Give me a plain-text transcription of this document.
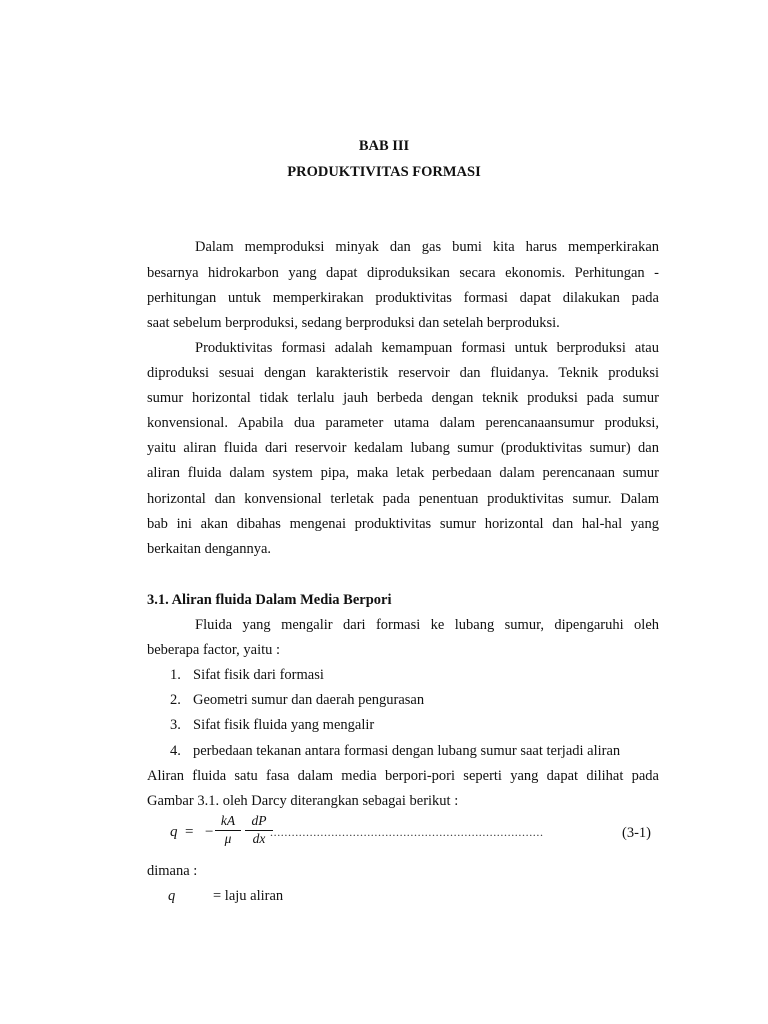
BAB III
PRODUKTIVITAS FORMASI
Dalam memproduksi minyak dan gas bumi kita harus memperkirakan
besarnya hidrokarbon yang dapat diproduksikan secara ekonomis. Perhitungan -
perhitungan untuk memperkirakan produktivitas formasi dapat dilakukan pada
saat sebelum berproduksi, sedang berproduksi dan setelah berproduksi.
Produktivitas formasi adalah kemampuan formasi untuk berproduksi atau
diproduksi sesuai dengan karakteristik reservoir dan fluidanya. Teknik produksi
sumur horizontal tidak terlalu jauh berbeda dengan teknik produksi pada sumur
konvensional. Apabila dua parameter utama dalam perencanaansumur produksi,
yaitu aliran fluida dari reservoir kedalam lubang sumur (produktivitas sumur) dan
aliran fluida dalam system pipa, maka letak perbedaan dalam perencanaan sumur
horizontal dan konvensional terletak pada penentuan produktivitas sumur. Dalam
bab ini akan dibahas mengenai produktivitas sumur horizontal dan hal-hal yang
berkaitan dengannya.
3.1. Aliran fluida Dalam Media Berpori
Fluida yang mengalir dari formasi ke lubang sumur, dipengaruhi oleh
beberapa factor, yaitu :
1. Sifat fisik dari formasi
2. Geometri sumur dan daerah pengurasan
3. Sifat fisik fluida yang mengalir
4. perbedaan tekanan antara formasi dengan lubang sumur saat terjadi aliran
Aliran fluida satu fasa dalam media berpori-pori seperti yang dapat dilihat pada
Gambar 3.1. oleh Darcy diterangkan sebagai berikut :
q = − $\frac{kA}{\mu} \frac{dP}{dx}$
............................................................................	(3-1)
dimana :
q	= laju aliran
